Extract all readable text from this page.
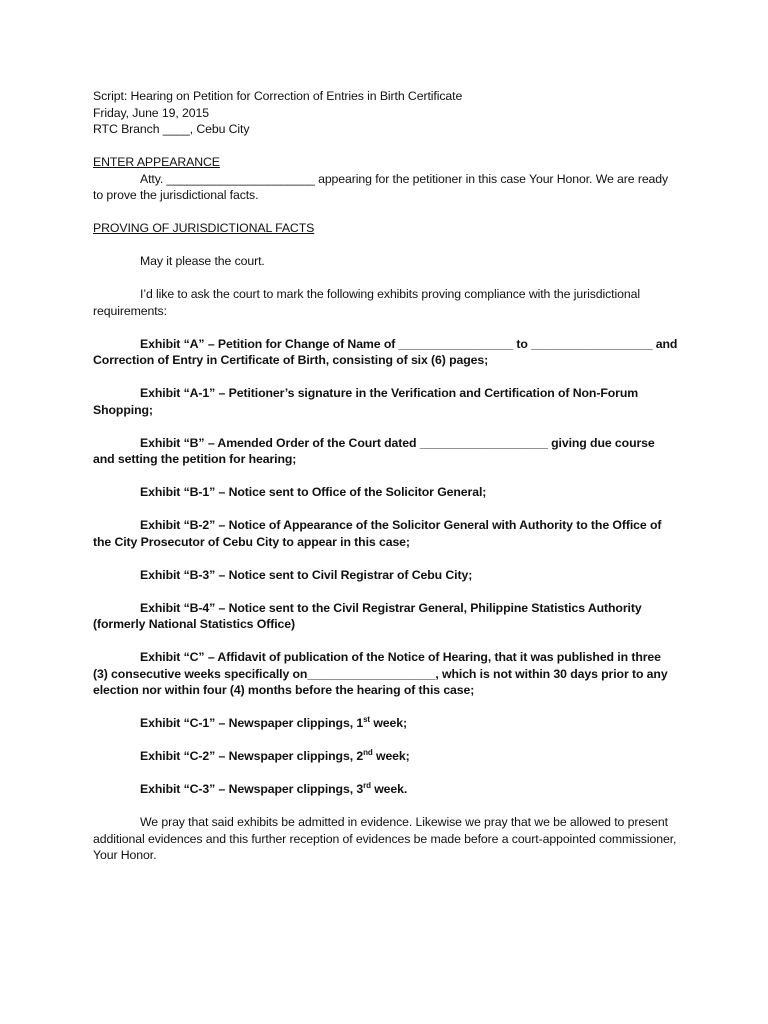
Script: Hearing on Petition for Correction of Entries in Birth Certificate
Friday, June 19, 2015
RTC Branch ____, Cebu City
ENTER APPEARANCE
Atty. ______________________ appearing for the petitioner in this case Your Honor. We are ready to prove the jurisdictional facts.
PROVING OF JURISDICTIONAL FACTS
May it please the court.
I’d like to ask the court to mark the following exhibits proving compliance with the jurisdictional requirements:
Exhibit “A” – Petition for Change of Name of _________________ to __________________ and Correction of Entry in Certificate of Birth, consisting of six (6) pages;
Exhibit “A-1” – Petitioner’s signature in the Verification and Certification of Non-Forum Shopping;
Exhibit “B” – Amended Order of the Court dated ___________________ giving due course and setting the petition for hearing;
Exhibit “B-1” – Notice sent to Office of the Solicitor General;
Exhibit “B-2” – Notice of Appearance of the Solicitor General with Authority to the Office of the City Prosecutor of Cebu City to appear in this case;
Exhibit “B-3” – Notice sent to Civil Registrar of Cebu City;
Exhibit “B-4” – Notice sent to the Civil Registrar General, Philippine Statistics Authority (formerly National Statistics Office)
Exhibit “C” – Affidavit of publication of the Notice of Hearing, that it was published in three (3) consecutive weeks specifically on___________________, which is not within 30 days prior to any election nor within four (4) months before the hearing of this case;
Exhibit “C-1” – Newspaper clippings, 1st week;
Exhibit “C-2” – Newspaper clippings, 2nd week;
Exhibit “C-3” – Newspaper clippings, 3rd week.
We pray that said exhibits be admitted in evidence. Likewise we pray that we be allowed to present additional evidences and this further reception of evidences be made before a court-appointed commissioner, Your Honor.
